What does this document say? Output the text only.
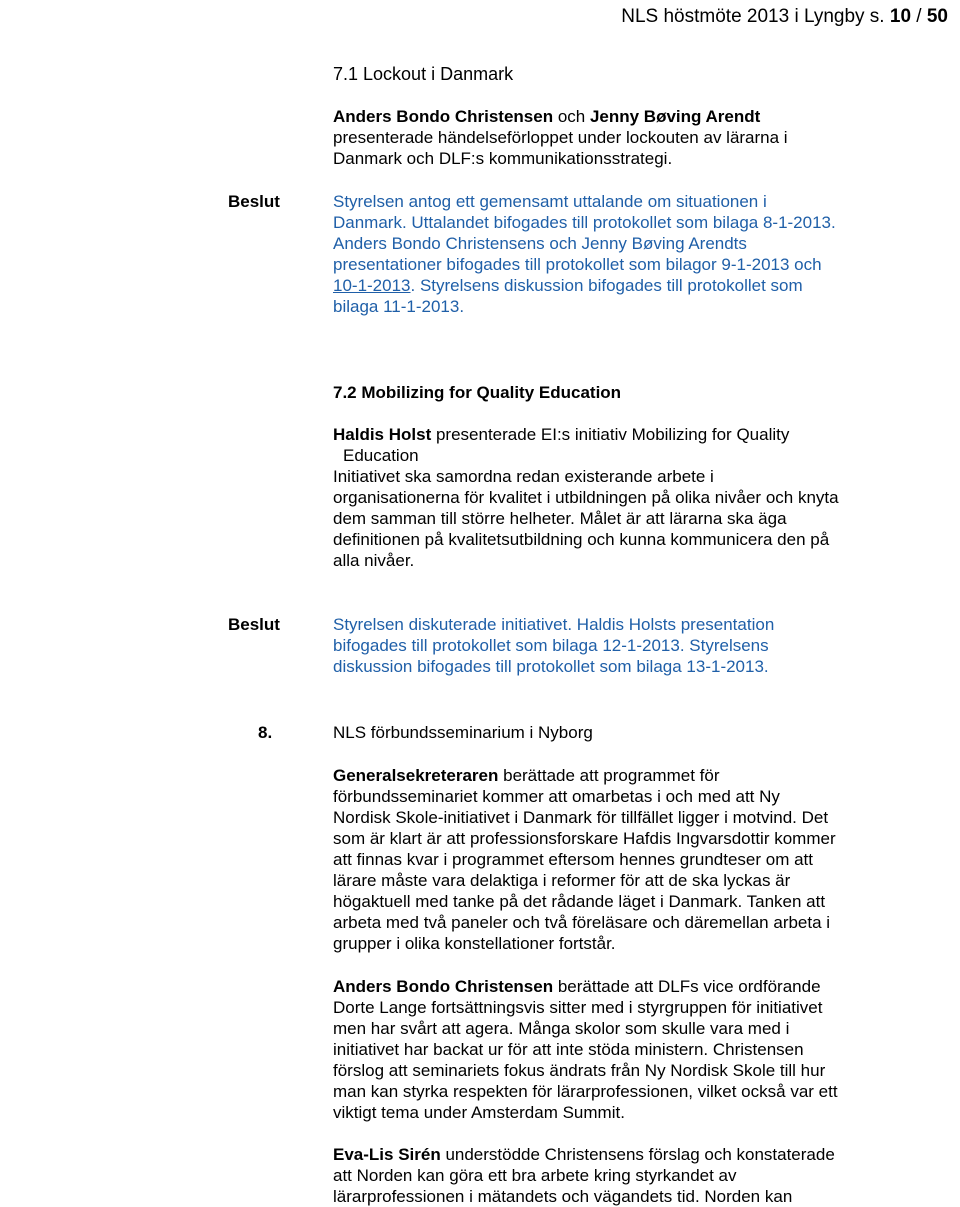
NLS höstmöte 2013 i Lyngby s. 10 / 50
7.1 Lockout i Danmark

Anders Bondo Christensen och Jenny Bøving Arendt

presenterade händelseförloppet under lockouten av lärarna i

Danmark och DLF:s kommunikationsstrategi.

Beslut	Styrelsen antog ett gemensamt uttalande om situationen i

Danmark. Uttalandet bifogades till protokollet som bilaga 8-1-2013.

Anders Bondo Christensens och Jenny Bøving Arendts

presentationer bifogades till protokollet som bilagor 9-1-2013 och

10-1-2013. Styrelsens diskussion bifogades till protokollet som

bilaga 11-1-2013.

7.2 Mobilizing for Quality Education

Haldis Holst presenterade EI:s initiativ Mobilizing for Quality

Education

Initiativet ska samordna redan existerande arbete i

organisationerna för kvalitet i utbildningen på olika nivåer och knyta

dem samman till större helheter. Målet är att lärarna ska äga

definitionen på kvalitetsutbildning och kunna kommunicera den på

alla nivåer.

Beslut	Styrelsen diskuterade initiativet. Haldis Holsts presentation

bifogades till protokollet som bilaga 12-1-2013. Styrelsens

diskussion bifogades till protokollet som bilaga 13-1-2013.

8.	NLS förbundsseminarium i Nyborg

Generalsekreteraren berättade att programmet för

förbundsseminariet kommer att omarbetas i och med att Ny

Nordisk Skole-initiativet i Danmark för tillfället ligger i motvind. Det

som är klart är att professionsforskare Hafdis Ingvarsdottir kommer

att finnas kvar i programmet eftersom hennes grundteser om att

lärare måste vara delaktiga i reformer för att de ska lyckas är

högaktuell med tanke på det rådande läget i Danmark. Tanken att

arbeta med två paneler och två föreläsare och däremellan arbeta i

grupper i olika konstellationer fortstår.

Anders Bondo Christensen berättade att DLFs vice ordförande

Dorte Lange fortsättningsvis sitter med i styrgruppen för initiativet

men har svårt att agera. Många skolor som skulle vara med i

initiativet har backat ur för att inte stöda ministern. Christensen

förslog att seminariets fokus ändrats från Ny Nordisk Skole till hur

man kan styrka respekten för lärarprofessionen, vilket också var ett

viktigt tema under Amsterdam Summit.

Eva-Lis Sirén understödde Christensens förslag och konstaterade

att Norden kan göra ett bra arbete kring styrkandet av

lärarprofessionen i mätandets och vägandets tid. Norden kan
